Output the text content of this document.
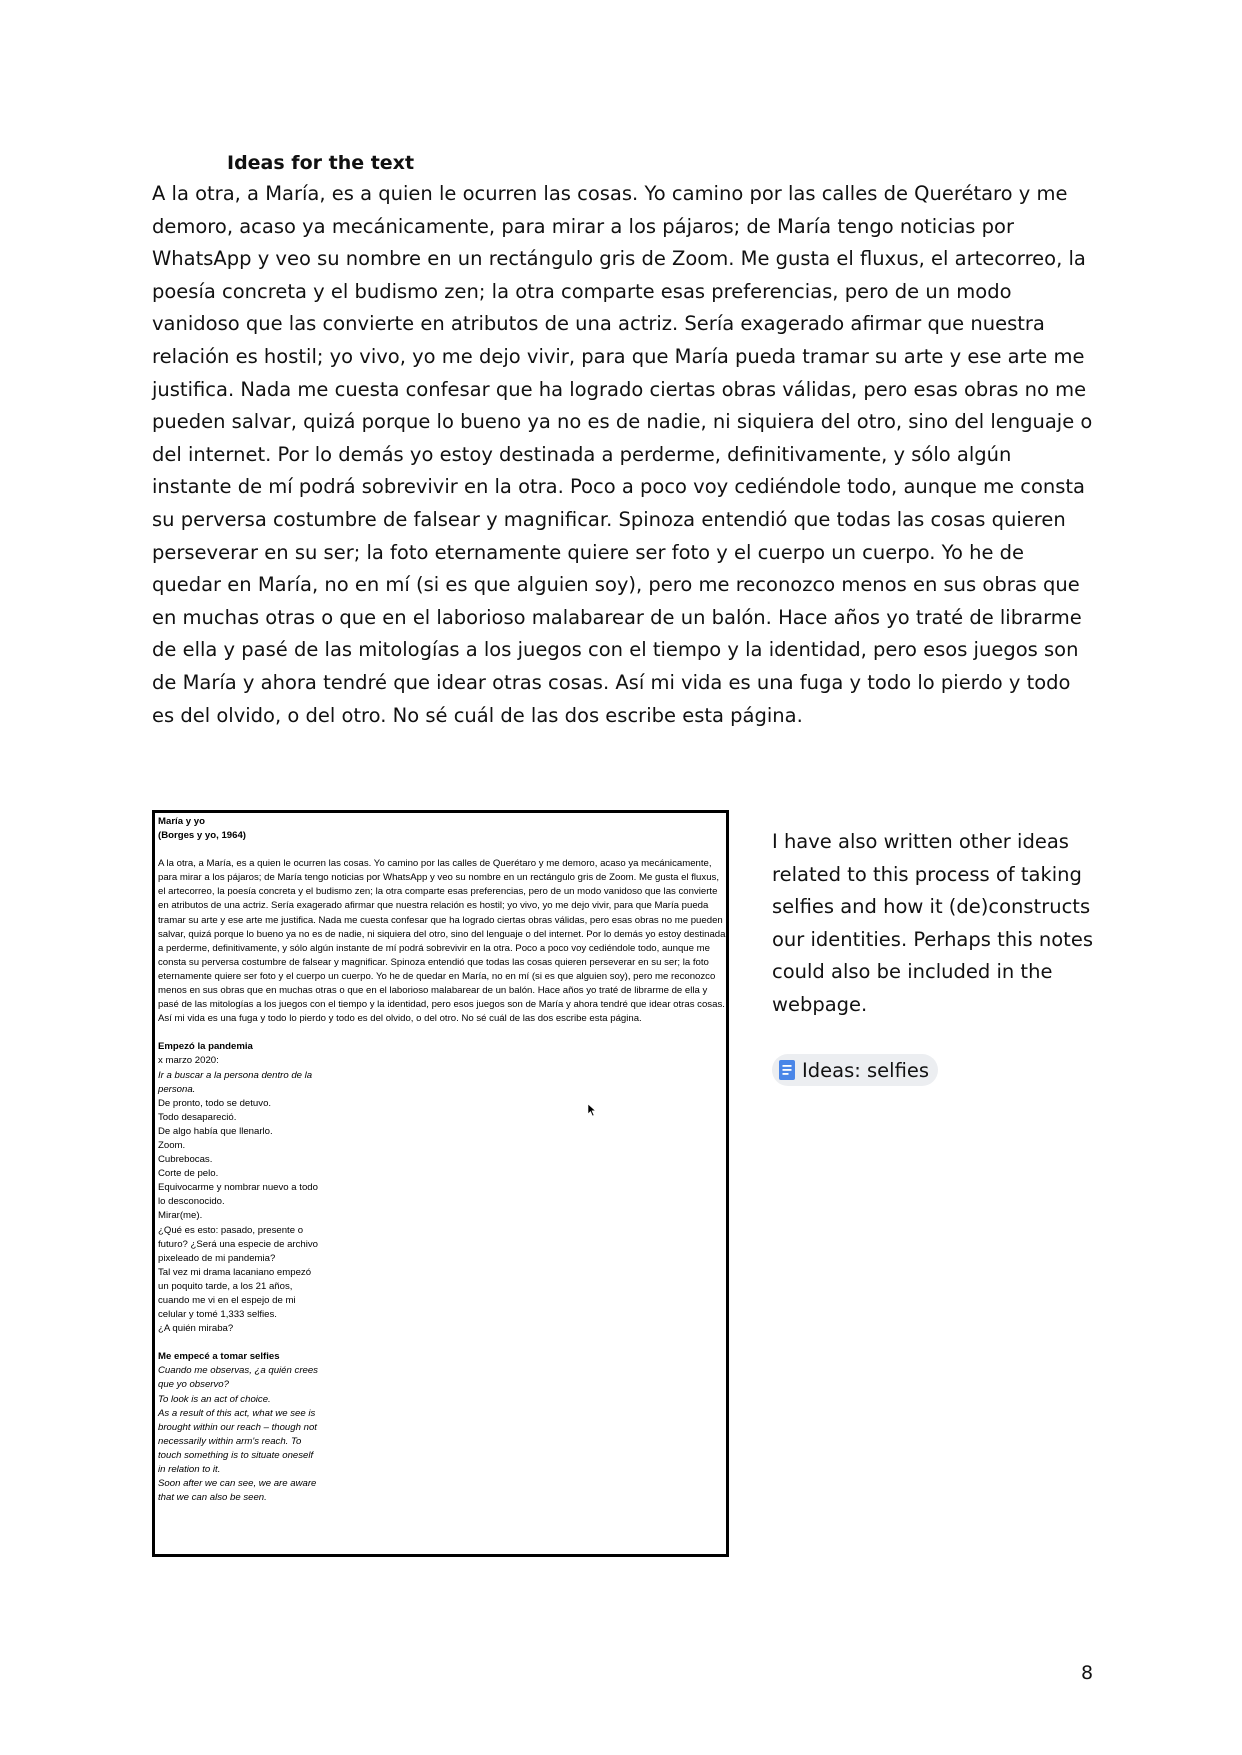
Ideas for the text

A la otra, a María, es a quien le ocurren las cosas. Yo camino por las calles de Querétaro y me demoro, acaso ya mecánicamente, para mirar a los pájaros; de María tengo noticias por WhatsApp y veo su nombre en un rectángulo gris de Zoom. Me gusta el fluxus, el artecorreo, la poesía concreta y el budismo zen; la otra comparte esas preferencias, pero de un modo vanidoso que las convierte en atributos de una actriz. Sería exagerado afirmar que nuestra relación es hostil; yo vivo, yo me dejo vivir, para que María pueda tramar su arte y ese arte me justifica. Nada me cuesta confesar que ha logrado ciertas obras válidas, pero esas obras no me pueden salvar, quizá porque lo bueno ya no es de nadie, ni siquiera del otro, sino del lenguaje o del internet. Por lo demás yo estoy destinada a perderme, definitivamente, y sólo algún instante de mí podrá sobrevivir en la otra. Poco a poco voy cediéndole todo, aunque me consta su perversa costumbre de falsear y magnificar. Spinoza entendió que todas las cosas quieren perseverar en su ser; la foto eternamente quiere ser foto y el cuerpo un cuerpo. Yo he de quedar en María, no en mí (si es que alguien soy), pero me reconozco menos en sus obras que en muchas otras o que en el laborioso malabarear de un balón. Hace años yo traté de librarme de ella y pasé de las mitologías a los juegos con el tiempo y la identidad, pero esos juegos son de María y ahora tendré que idear otras cosas. Así mi vida es una fuga y todo lo pierdo y todo es del olvido, o del otro. No sé cuál de las dos escribe esta página.

María y yo

(Borges y yo, 1964)

A la otra, a María, es a quien le ocurren las cosas. Yo camino por las calles de Querétaro y me demoro, acaso ya mecánicamente, para mirar a los pájaros; de María tengo noticias por WhatsApp y veo su nombre en un rectángulo gris de Zoom. Me gusta el fluxus, el artecorreo, la poesía concreta y el budismo zen; la otra comparte esas preferencias, pero de un modo vanidoso que las convierte en atributos de una actriz. Sería exagerado afirmar que nuestra relación es hostil; yo vivo, yo me dejo vivir, para que María pueda tramar su arte y ese arte me justifica. Nada me cuesta confesar que ha logrado ciertas obras válidas, pero esas obras no me pueden salvar, quizá porque lo bueno ya no es de nadie, ni siquiera del otro, sino del lenguaje o del internet. Por lo demás yo estoy destinada a perderme, definitivamente, y sólo algún instante de mí podrá sobrevivir en la otra. Poco a poco voy cediéndole todo, aunque me consta su perversa costumbre de falsear y magnificar. Spinoza entendió que todas las cosas quieren perseverar en su ser; la foto eternamente quiere ser foto y el cuerpo un cuerpo. Yo he de quedar en María, no en mí (si es que alguien soy), pero me reconozco menos en sus obras que en muchas otras o que en el laborioso malabarear de un balón. Hace años yo traté de librarme de ella y pasé de las mitologías a los juegos con el tiempo y la identidad, pero esos juegos son de María y ahora tendré que idear otras cosas. Así mi vida es una fuga y todo lo pierdo y todo es del olvido, o del otro. No sé cuál de las dos escribe esta página.

Empezó la pandemia

x marzo 2020:

Ir a buscar a la persona dentro de la persona.

De pronto, todo se detuvo.

Todo desapareció.

De algo había que llenarlo.

Zoom.

Cubrebocas.

Corte de pelo.

Equivocarme y nombrar nuevo a todo lo desconocido.

Mirar(me).

¿Qué es esto: pasado, presente o futuro? ¿Será una especie de archivo pixeleado de mi pandemia?

Tal vez mi drama lacaniano empezó un poquito tarde, a los 21 años, cuando me vi en el espejo de mi celular y tomé 1,333 selfies.

¿A quién miraba?

Me empecé a tomar selfies

Cuando me observas, ¿a quién crees que yo observo?

To look is an act of choice.

As a result of this act, what we see is brought within our reach – though not necessarily within arm's reach. To touch something is to situate oneself in relation to it.

Soon after we can see, we are aware that we can also be seen.

I have also written other ideas related to this process of taking selfies and how it (de)constructs our identities. Perhaps this notes could also be included in the webpage.

Ideas: selfies
8
